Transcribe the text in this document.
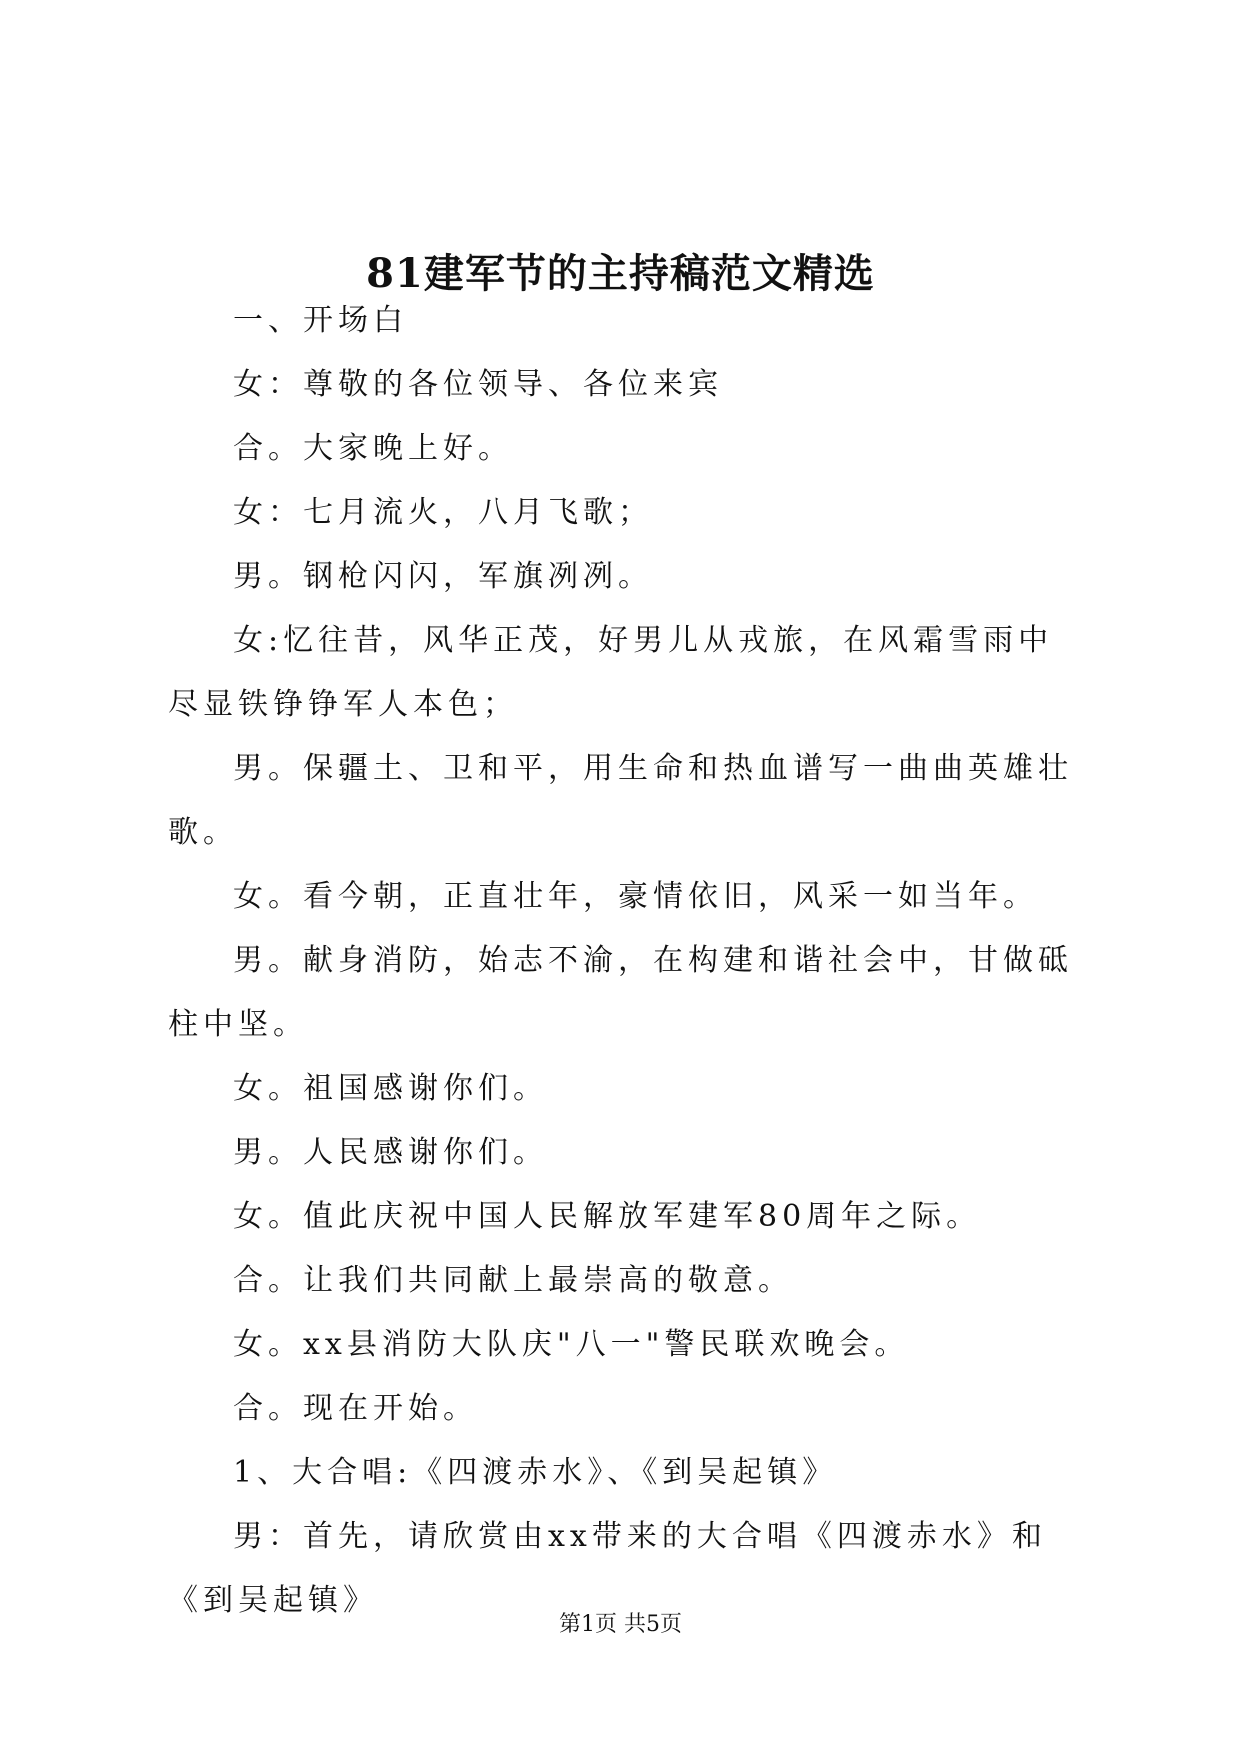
81建军节的主持稿范文精选

一、开场白

女：尊敬的各位领导、各位来宾

合。大家晚上好。

女：七月流火，八月飞歌；

男。钢枪闪闪，军旗冽冽。

女:忆往昔，风华正茂，好男儿从戎旅，在风霜雪雨中尽显铁铮铮军人本色；

男。保疆土、卫和平，用生命和热血谱写一曲曲英雄壮歌。

女。看今朝，正直壮年，豪情依旧，风采一如当年。

男。献身消防，始志不渝，在构建和谐社会中，甘做砥柱中坚。

女。祖国感谢你们。

男。人民感谢你们。

女。值此庆祝中国人民解放军建军80周年之际。

合。让我们共同献上最崇高的敬意。

女。xx县消防大队庆"八一"警民联欢晚会。

合。现在开始。

1、大合唱:《四渡赤水》、《到吴起镇》

男：首先，请欣赏由xx带来的大合唱《四渡赤水》和《到吴起镇》

第1页 共5页
